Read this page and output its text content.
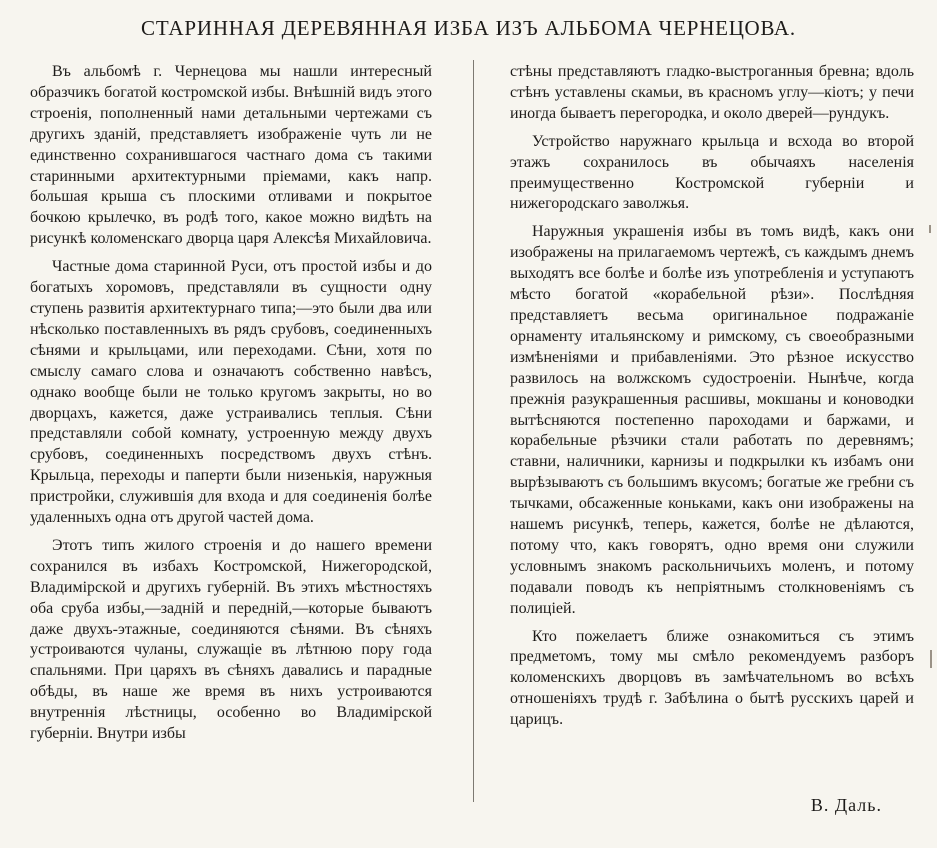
СТАРИННАЯ ДЕРЕВЯННАЯ ИЗБА ИЗЪ АЛЬБОМА ЧЕРНЕЦОВА.

Въ альбомѣ г. Чернецова мы нашли интересный образчикъ богатой костромской избы. Внѣшній видъ этого строенія, пополненный нами детальными чертежами съ другихъ зданій, представляетъ изображеніе чуть ли не единственно сохранившагося частнаго дома съ такими старинными архитектурными пріемами, какъ напр. большая крыша съ плоскими отливами и покрытое бочкою крылечко, въ родѣ того, какое можно видѣть на рисункѣ коломенскаго дворца царя Алексѣя Михайловича.

Частные дома старинной Руси, отъ простой избы и до богатыхъ хоромовъ, представляли въ сущности одну ступень развитія архитектурнаго типа;—это были два или нѣсколько поставленныхъ въ рядъ срубовъ, соединенныхъ сѣнями и крыльцами, или переходами. Сѣни, хотя по смыслу самаго слова и означаютъ собственно навѣсъ, однако вообще были не только кругомъ закрыты, но во дворцахъ, кажется, даже устраивались теплыя. Сѣни представляли собой комнату, устроенную между двухъ срубовъ, соединенныхъ посредствомъ двухъ стѣнъ. Крыльца, переходы и паперти были низенькія, наружныя пристройки, служившія для входа и для соединенія болѣе удаленныхъ одна отъ другой частей дома.

Этотъ типъ жилого строенія и до нашего времени сохранился въ избахъ Костромской, Нижегородской, Владимірской и другихъ губерній. Въ этихъ мѣстностяхъ оба сруба избы,—задній и передній,—которые бываютъ даже двухъ-этажные, соединяются сѣнями. Въ сѣняхъ устроиваются чуланы, служащіе въ лѣтнюю пору года спальнями. При царяхъ въ сѣняхъ давались и парадные обѣды, въ наше же время въ нихъ устроиваются внутреннія лѣстницы, особенно во Владимірской губерніи. Внутри избы

стѣны представляютъ гладко-выстроганныя бревна; вдоль стѣнъ уставлены скамьи, въ красномъ углу—кіотъ; у печи иногда бываетъ перегородка, и около дверей—рундукъ.

Устройство наружнаго крыльца и всхода во второй этажъ сохранилось въ обычаяхъ населенія преимущественно Костромской губерніи и нижегородскаго заволжья.

Наружныя украшенія избы въ томъ видѣ, какъ они изображены на прилагаемомъ чертежѣ, съ каждымъ днемъ выходятъ все болѣе и болѣе изъ употребленія и уступаютъ мѣсто богатой «корабельной рѣзи». Послѣдняя представляетъ весьма оригинальное подражаніе орнаменту итальянскому и римскому, съ своеобразными измѣненіями и прибавленіями. Это рѣзное искусство развилось на волжскомъ судостроеніи. Нынѣче, когда прежнія разукрашенныя расшивы, мокшаны и коноводки вытѣсняются постепенно пароходами и баржами, и корабельные рѣзчики стали работать по деревнямъ; ставни, наличники, карнизы и подкрылки къ избамъ они вырѣзываютъ съ большимъ вкусомъ; богатые же гребни съ тычками, обсаженные коньками, какъ они изображены на нашемъ рисункѣ, теперь, кажется, болѣе не дѣлаются, потому что, какъ говорятъ, одно время они служили условнымъ знакомъ раскольничьихъ моленъ, и потому подавали поводъ къ непріятнымъ столкновеніямъ съ полиціей.

Кто пожелаетъ ближе ознакомиться съ этимъ предметомъ, тому мы смѣло рекомендуемъ разборъ коломенскихъ дворцовъ въ замѣчательномъ во всѣхъ отношеніяхъ трудѣ г. Забѣлина о бытѣ русскихъ царей и царицъ.

В. Даль.
